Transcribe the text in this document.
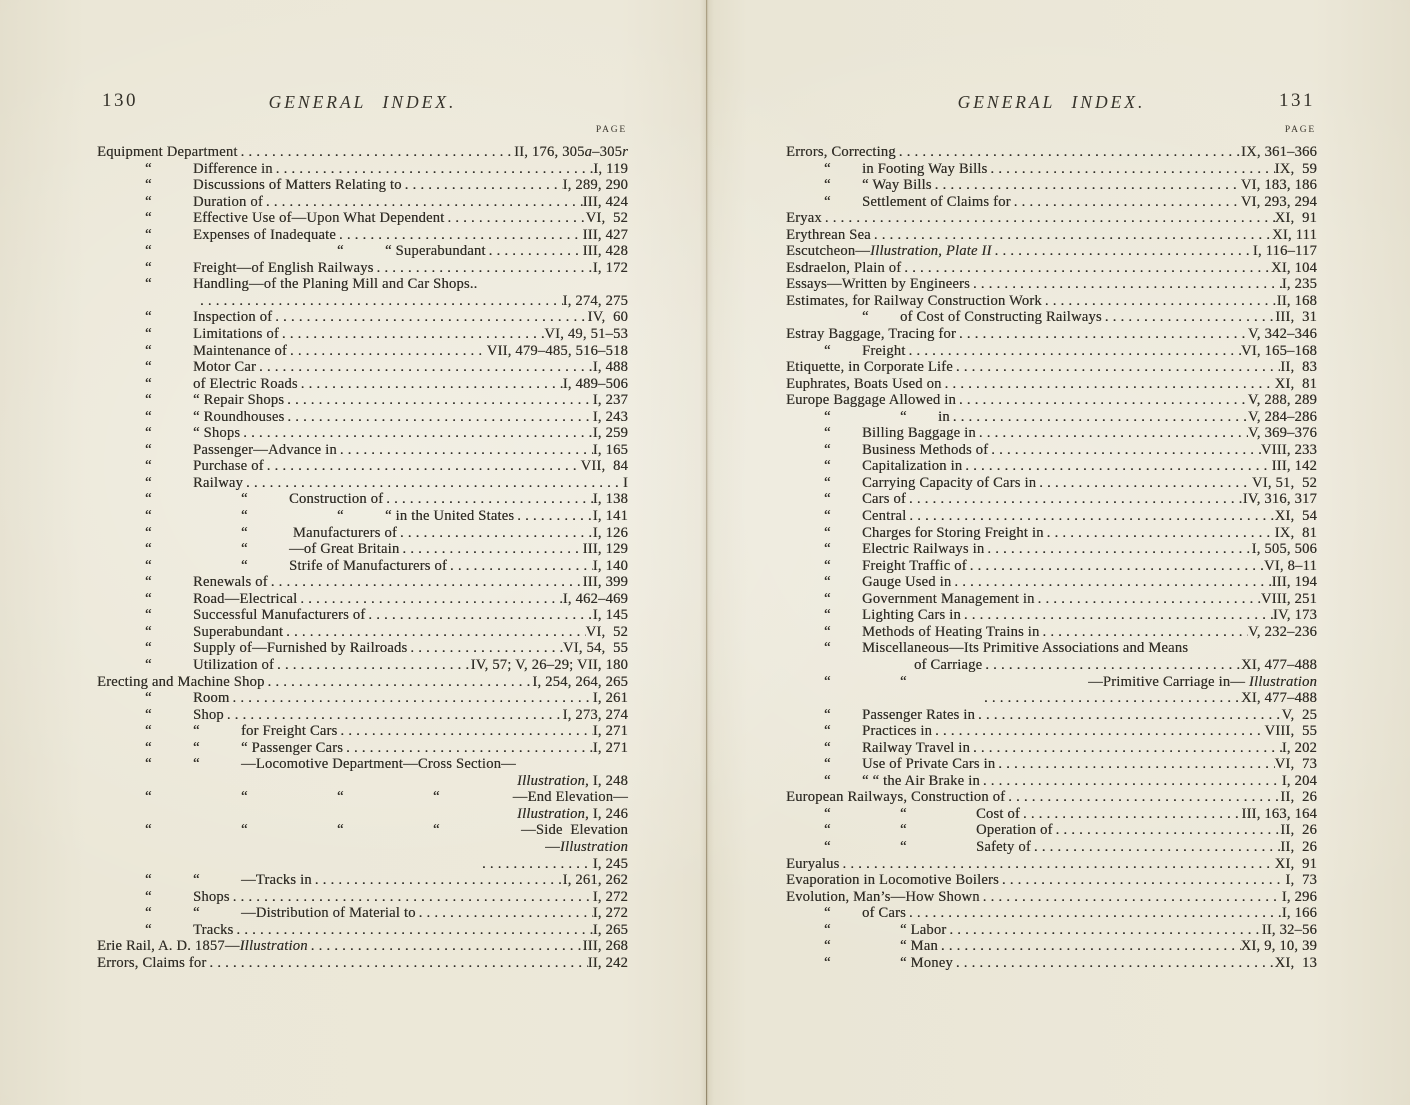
130	GENERAL INDEX.
PAGE
Equipment Department .....	II, 176, 305a–305r
	“	Difference in .....	I, 119
	“	Discussions of Matters Relating to .....	I, 289, 290
	“	Duration of .....	III, 424
	“	Effective Use of—Upon What Dependent .....	VI,  52
	“	Expenses of Inadequate .....	III, 427
	“				“	“ Superabundant .....	III, 428
	“	Freight—of English Railways .....	I, 172
	“	Handling—of the Planing Mill and Car Shops..
.....
I, 274, 275
	“	Inspection of .....	IV,  60
	“	Limitations of .....	VI, 49, 51–53
	“	Maintenance of .....	VII, 479–485, 516–518
	“	Motor Car .....	I, 488
	“	of Electric Roads .....	I, 489–506
	“	“ Repair Shops .....	I, 237
	“	“ Roundhouses .....	I, 243
	“	“ Shops .....	I, 259
	“	Passenger—Advance in .....	I, 165
	“	Purchase of .....	VII,  84
	“	Railway .....	I
	“		“	Construction of .....	I, 138
	“		“		“	“ in the United States .....	I, 141
	“		“	Manufacturers of .....	I, 126
	“		“	—of Great Britain .....	III, 129
	“		“	Strife of Manufacturers of .....	I, 140
	“	Renewals of .....	III, 399
	“	Road—Electrical .....	I, 462–469
	“	Successful Manufacturers of .....	I, 145
	“	Superabundant .....	VI,  52
	“	Supply of—Furnished by Railroads .....	VI, 54,  55
	“	Utilization of .....	IV, 57; V, 26–29; VII, 180
Erecting and Machine Shop .....	I, 254, 264, 265
	“	Room .....	I, 261
	“	Shop .....	I, 273, 274
	“	“	for Freight Cars .....	I, 271
	“	“	“ Passenger Cars .....	I, 271
	“	“	—Locomotive Department—Cross Section—
Illustration, I, 248
	“		“		“		“	—End Elevation—
Illustration, I, 246
	“		“		“		“	—Side  Elevation
—Illustration
.....
I, 245
	“	“	—Tracks in .....	I, 261, 262
	“	Shops .....	I, 272
	“	“	—Distribution of Material to .....	I, 272
	“	Tracks .....	I, 265
Erie Rail, A. D. 1857—Illustration .....	III, 268
Errors, Claims for .....	II, 242
131
GENERAL INDEX.
PAGE
Errors, Correcting .....	IX, 361–366
	“	in Footing Way Bills .....	IX,  59
	“	“ Way Bills .....	VI, 183, 186
	“	Settlement of Claims for .....	VI, 293, 294
Eryax .....	XI,  91
Erythrean Sea .....	XI, 111
Escutcheon—Illustration, Plate II .....	I, 116–117
Esdraelon, Plain of .....	XI, 104
Essays—Written by Engineers .....	I, 235
Estimates, for Railway Construction Work .....	II, 168
		“	of Cost of Constructing Railways .....	III,  31
Estray Baggage, Tracing for .....	V, 342–346
	“	Freight .....	VI, 165–168
Etiquette, in Corporate Life .....	II,  83
Euphrates, Boats Used on .....	XI,  81
Europe Baggage Allowed in .....	V, 288, 289
	“		“	in .....	V, 284–286
	“	Billing Baggage in .....	V, 369–376
	“	Business Methods of .....	VIII, 233
	“	Capitalization in .....	III, 142
	“	Carrying Capacity of Cars in .....	VI, 51,  52
	“	Cars of .....	IV, 316, 317
	“	Central .....	XI,  54
	“	Charges for Storing Freight in .....	IX,  81
	“	Electric Railways in .....	I, 505, 506
	“	Freight Traffic of .....	VI, 8–11
	“	Gauge Used in .....	III, 194
	“	Government Management in .....	VIII, 251
	“	Lighting Cars in .....	IV, 173
	“	Methods of Heating Trains in .....	V, 232–236
	“	Miscellaneous—Its Primitive Associations and Means
of Carriage .....	XI, 477–488
	“		“	—Primitive Carriage in— Illustration
.....
XI, 477–488
	“	Passenger Rates in .....	V,  25
	“	Practices in .....	VIII,  55
	“	Railway Travel in .....	I, 202
	“	Use of Private Cars in .....	VI,  73
	“	“ “ the Air Brake in .....	I, 204
European Railways, Construction of .....	II,  26
	“		“		Cost of .....	III, 163, 164
	“		“		Operation of .....	II,  26
	“		“		Safety of .....	II,  26
Euryalus .....	XI,  91
Evaporation in Locomotive Boilers .....	I,  73
Evolution, Man’s—How Shown .....	I, 296
	“	of Cars .....	I, 166
	“		“ Labor .....	II, 32–56
	“		“ Man .....	XI, 9, 10, 39
	“		“ Money .....	XI,  13
